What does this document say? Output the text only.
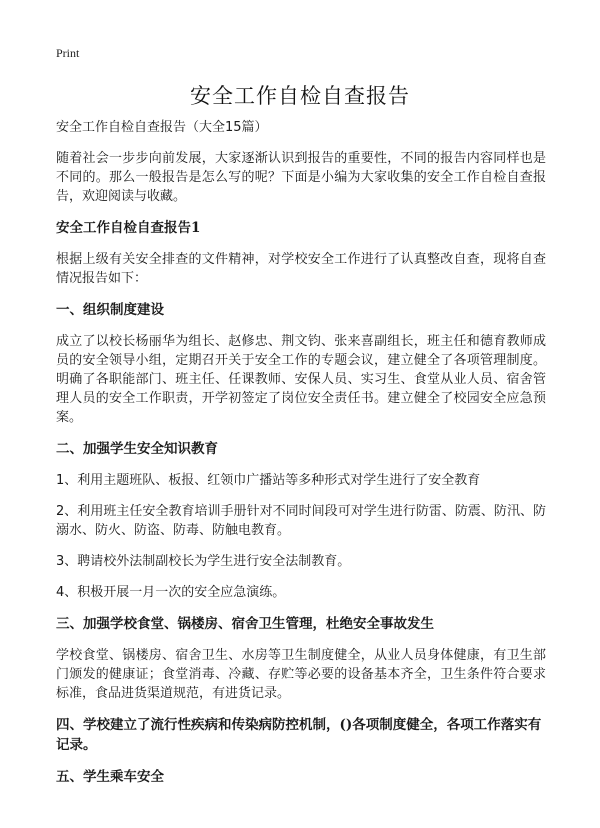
Print
安全工作自检自查报告
安全工作自检自查报告（大全15篇）
随着社会一步步向前发展，大家逐渐认识到报告的重要性，不同的报告内容同样也是不同的。那么一般报告是怎么写的呢？下面是小编为大家收集的安全工作自检自查报告，欢迎阅读与收藏。
安全工作自检自查报告1
根据上级有关安全排查的文件精神，对学校安全工作进行了认真整改自查，现将自查情况报告如下：
一、组织制度建设
成立了以校长杨丽华为组长、赵修忠、荆文钧、张来喜副组长，班主任和德育教师成员的安全领导小组，定期召开关于安全工作的专题会议，建立健全了各项管理制度。明确了各职能部门、班主任、任课教师、安保人员、实习生、食堂从业人员、宿舍管理人员的安全工作职责，开学初签定了岗位安全责任书。建立健全了校园安全应急预案。
二、加强学生安全知识教育
1、利用主题班队、板报、红领巾广播站等多种形式对学生进行了安全教育
2、利用班主任安全教育培训手册针对不同时间段可对学生进行防雷、防震、防汛、防溺水、防火、防盗、防毒、防触电教育。
3、聘请校外法制副校长为学生进行安全法制教育。
4、积极开展一月一次的安全应急演练。
三、加强学校食堂、锅楼房、宿舍卫生管理，杜绝安全事故发生
学校食堂、锅楼房、宿舍卫生、水房等卫生制度健全，从业人员身体健康，有卫生部门颁发的健康证；食堂消毒、冷藏、存贮等必要的设备基本齐全，卫生条件符合要求标准，食品进货渠道规范，有进货记录。
四、学校建立了流行性疾病和传染病防控机制，()各项制度健全，各项工作落实有记录。
五、学生乘车安全
